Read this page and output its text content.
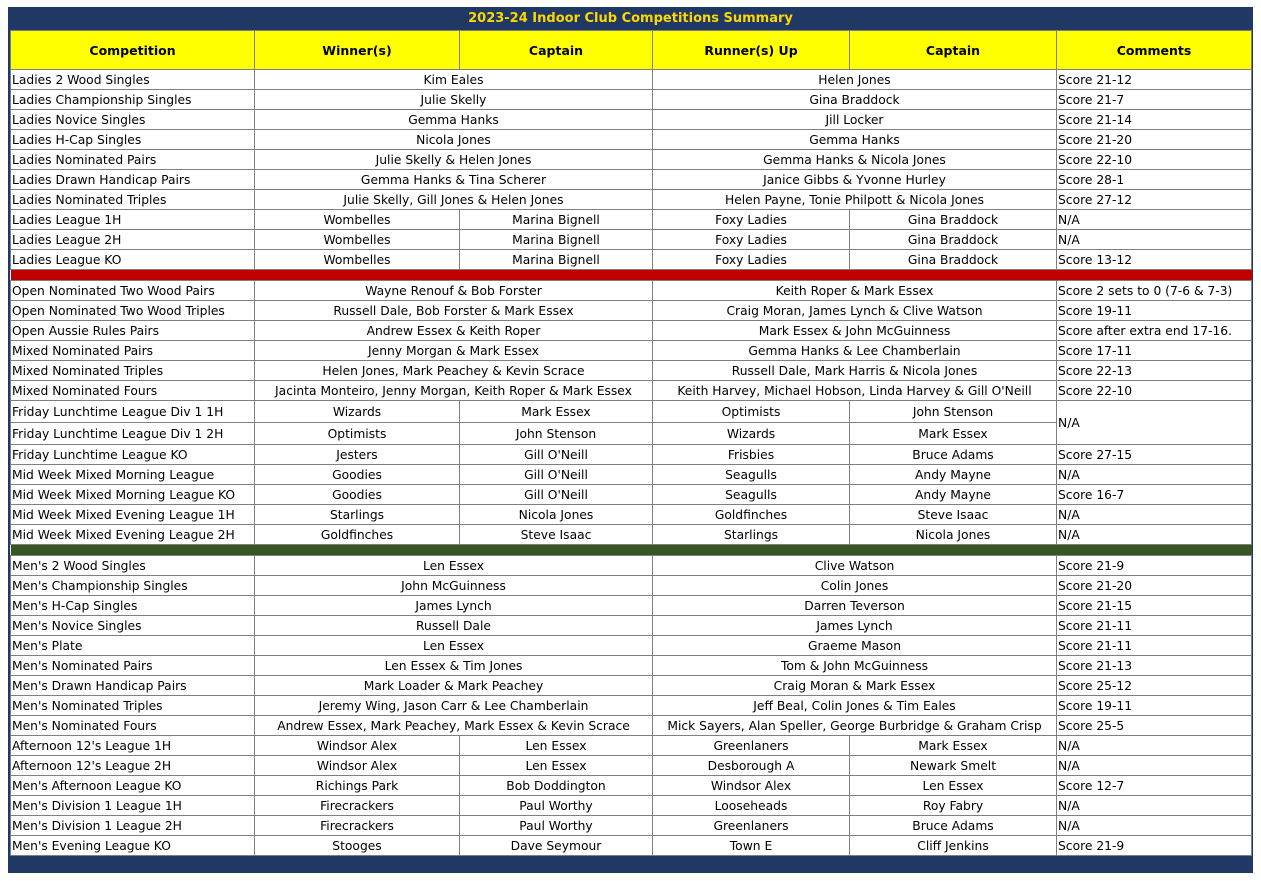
2023-24 Indoor Club Competitions Summary
Competition	Winner(s)	Captain	Runner(s) Up	Captain	Comments
Ladies 2 Wood Singles	Kim Eales		Helen Jones		Score 21-12
Ladies Championship Singles	Julie Skelly		Gina Braddock		Score 21-7
Ladies Novice Singles	Gemma Hanks		Jill Locker		Score 21-14
Ladies H-Cap Singles	Nicola Jones		Gemma Hanks		Score 21-20
Ladies Nominated Pairs	Julie Skelly & Helen Jones		Gemma Hanks & Nicola Jones		Score 22-10
Ladies Drawn Handicap Pairs	Gemma Hanks & Tina Scherer		Janice Gibbs & Yvonne Hurley		Score 28-1
Ladies Nominated Triples	Julie Skelly, Gill Jones & Helen Jones		Helen Payne, Tonie Philpott & Nicola Jones		Score 27-12
Ladies League 1H	Wombelles	Marina Bignell	Foxy Ladies	Gina Braddock	N/A
Ladies League 2H	Wombelles	Marina Bignell	Foxy Ladies	Gina Braddock	N/A
Ladies League KO	Wombelles	Marina Bignell	Foxy Ladies	Gina Braddock	Score 13-12

Open Nominated Two Wood Pairs	Wayne Renouf & Bob Forster		Keith Roper & Mark Essex		Score 2 sets to 0 (7-6 & 7-3)
Open Nominated Two Wood Triples	Russell Dale, Bob Forster & Mark Essex		Craig Moran, James Lynch & Clive Watson		Score 19-11
Open Aussie Rules Pairs	Andrew Essex & Keith Roper		Mark Essex & John McGuinness		Score after extra end 17-16.
Mixed Nominated Pairs	Jenny Morgan & Mark Essex		Gemma Hanks & Lee Chamberlain		Score 17-11
Mixed Nominated Triples	Helen Jones, Mark Peachey & Kevin Scrace		Russell Dale, Mark Harris & Nicola Jones		Score 22-13
Mixed Nominated Fours	Jacinta Monteiro, Jenny Morgan, Keith Roper & Mark Essex		Keith Harvey, Michael Hobson, Linda Harvey & Gill O'Neill		Score 22-10
Friday Lunchtime League Div 1 1H	Wizards	Mark Essex	Optimists	John Stenson	N/A
Friday Lunchtime League Div 1 2H	Optimists	John Stenson	Wizards	Mark Essex	
Friday Lunchtime League KO	Jesters	Gill O'Neill	Frisbies	Bruce Adams	Score 27-15
Mid Week Mixed Morning League	Goodies	Gill O'Neill	Seagulls	Andy Mayne	N/A
Mid Week Mixed Morning League KO	Goodies	Gill O'Neill	Seagulls	Andy Mayne	Score 16-7
Mid Week Mixed Evening League 1H	Starlings	Nicola Jones	Goldfinches	Steve Isaac	N/A
Mid Week Mixed Evening League 2H	Goldfinches	Steve Isaac	Starlings	Nicola Jones	N/A

Men's 2 Wood Singles	Len Essex		Clive Watson		Score 21-9
Men's Championship Singles	John McGuinness		Colin Jones		Score 21-20
Men's H-Cap Singles	James Lynch		Darren Teverson		Score 21-15
Men's Novice Singles	Russell Dale		James Lynch		Score 21-11
Men's Plate	Len Essex		Graeme Mason		Score 21-11
Men's Nominated Pairs	Len Essex & Tim Jones		Tom & John McGuinness		Score 21-13
Men's Drawn Handicap Pairs	Mark Loader & Mark Peachey		Craig Moran & Mark Essex		Score 25-12
Men's Nominated Triples	Jeremy Wing, Jason Carr & Lee Chamberlain		Jeff Beal, Colin Jones & Tim Eales		Score 19-11
Men's Nominated Fours	Andrew Essex, Mark Peachey, Mark Essex & Kevin Scrace		Mick Sayers, Alan Speller, George Burbridge & Graham Crisp		Score 25-5
Afternoon 12's League 1H	Windsor Alex	Len Essex	Greenlaners	Mark Essex	N/A
Afternoon 12's League 2H	Windsor Alex	Len Essex	Desborough A	Newark Smelt	N/A
Men's Afternoon League KO	Richings Park	Bob Doddington	Windsor Alex	Len Essex	Score 12-7
Men's Division 1 League 1H	Firecrackers	Paul Worthy	Looseheads	Roy Fabry	N/A
Men's Division 1 League 2H	Firecrackers	Paul Worthy	Greenlaners	Bruce Adams	N/A
Men's Evening League KO	Stooges	Dave Seymour	Town E	Cliff Jenkins	Score 21-9
